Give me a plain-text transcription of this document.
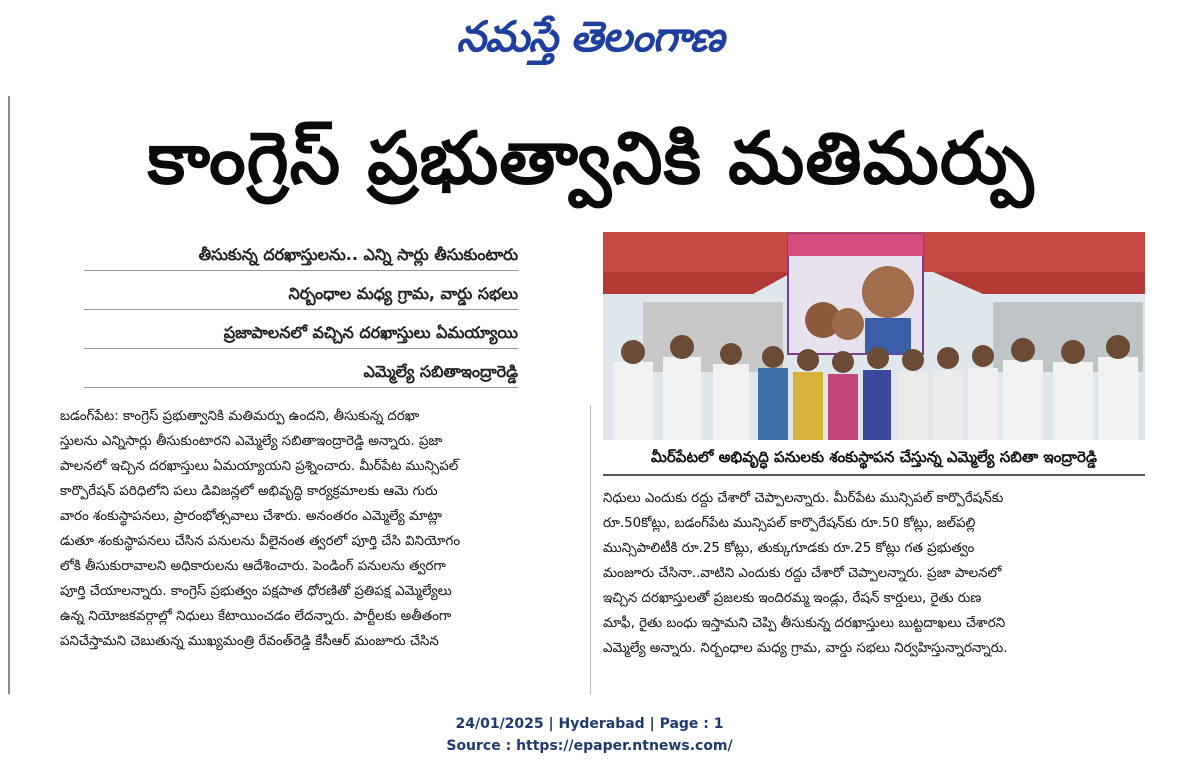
నమస్తే తెలంగాణ
కాంగ్రెస్ ప్రభుత్వానికి మతిమర్పు
తీసుకున్న దరఖాస్తులను.. ఎన్ని సార్లు తీసుకుంటారు
నిర్బంధాల మధ్య గ్రామ, వార్డు సభలు
ప్రజాపాలనలో వచ్చిన దరఖాస్తులు ఏమయ్యాయి
ఎమ్మెల్యే సబితాఇంద్రారెడ్డి
మీర్‌పేటలో అభివృద్ధి పనులకు శంకుస్థాపన చేస్తున్న ఎమ్మెల్యే సబితా ఇంద్రారెడ్డి
బడంగ్‌పేట: కాంగ్రెస్ ప్రభుత్వానికి మతిమర్పు ఉందని, తీసుకున్న దరఖా
స్తులను ఎన్నిసార్లు తీసుకుంటారని ఎమ్మెల్యే సబితాఇంద్రారెడ్డి అన్నారు. ప్రజా
పాలనలో ఇచ్చిన దరఖాస్తులు ఏమయ్యాయని ప్రశ్నించారు. మీర్‌పేట మున్సిపల్
కార్పొరేషన్ పరిధిలోని పలు డివిజన్లలో అభివృద్ధి కార్యక్రమాలకు ఆమె గురు
వారం శంకుస్థాపనలు, ప్రారంభోత్సవాలు చేశారు. అనంతరం ఎమ్మెల్యే మాట్లా
డుతూ శంకుస్థాపనలు చేసిన పనులను వీలైనంత త్వరలో పూర్తి చేసి వినియోగం
లోకి తీసుకురావాలని అధికారులను ఆదేశించారు. పెండింగ్ పనులను త్వరగా
పూర్తి చేయాలన్నారు. కాంగ్రెస్ ప్రభుత్వం పక్షపాత ధోరణితో ప్రతిపక్ష ఎమ్మెల్యేలు
ఉన్న నియోజకవర్గాల్లో నిధులు కేటాయించడం లేదన్నారు. పార్టీలకు అతీతంగా
పనిచేస్తామని చెబుతున్న ముఖ్యమంత్రి రేవంత్‌రెడ్డి కేసీఆర్ మంజూరు చేసిన
నిధులు ఎందుకు రద్దు చేశారో చెప్పాలన్నారు. మీర్‌పేట మున్సిపల్ కార్పొరేషన్‌కు
రూ.50కోట్లు, బడంగ్‌పేట మున్సిపల్ కార్పొరేషన్‌కు రూ.50 కోట్లు, జల్‌పల్లి
మున్సిపాలిటీకి రూ.25 కోట్లు, తుక్కుగూడకు రూ.25 కోట్లు గత ప్రభుత్వం
మంజూరు చేసినా..వాటిని ఎందుకు రద్దు చేశారో చెప్పాలన్నారు. ప్రజా పాలనలో
ఇచ్చిన దరఖాస్తులతో ప్రజలకు ఇందిరమ్మ ఇండ్లు, రేషన్ కార్డులు, రైతు రుణ
మాఫీ, రైతు బంధు ఇస్తామని చెప్పి తీసుకున్న దరఖాస్తులు బుట్టదాఖలు చేశారని
ఎమ్మెల్యే అన్నారు. నిర్బంధాల మధ్య గ్రామ, వార్డు సభలు నిర్వహిస్తున్నారన్నారు.
24/01/2025 | Hyderabad | Page : 1
Source : https://epaper.ntnews.com/
